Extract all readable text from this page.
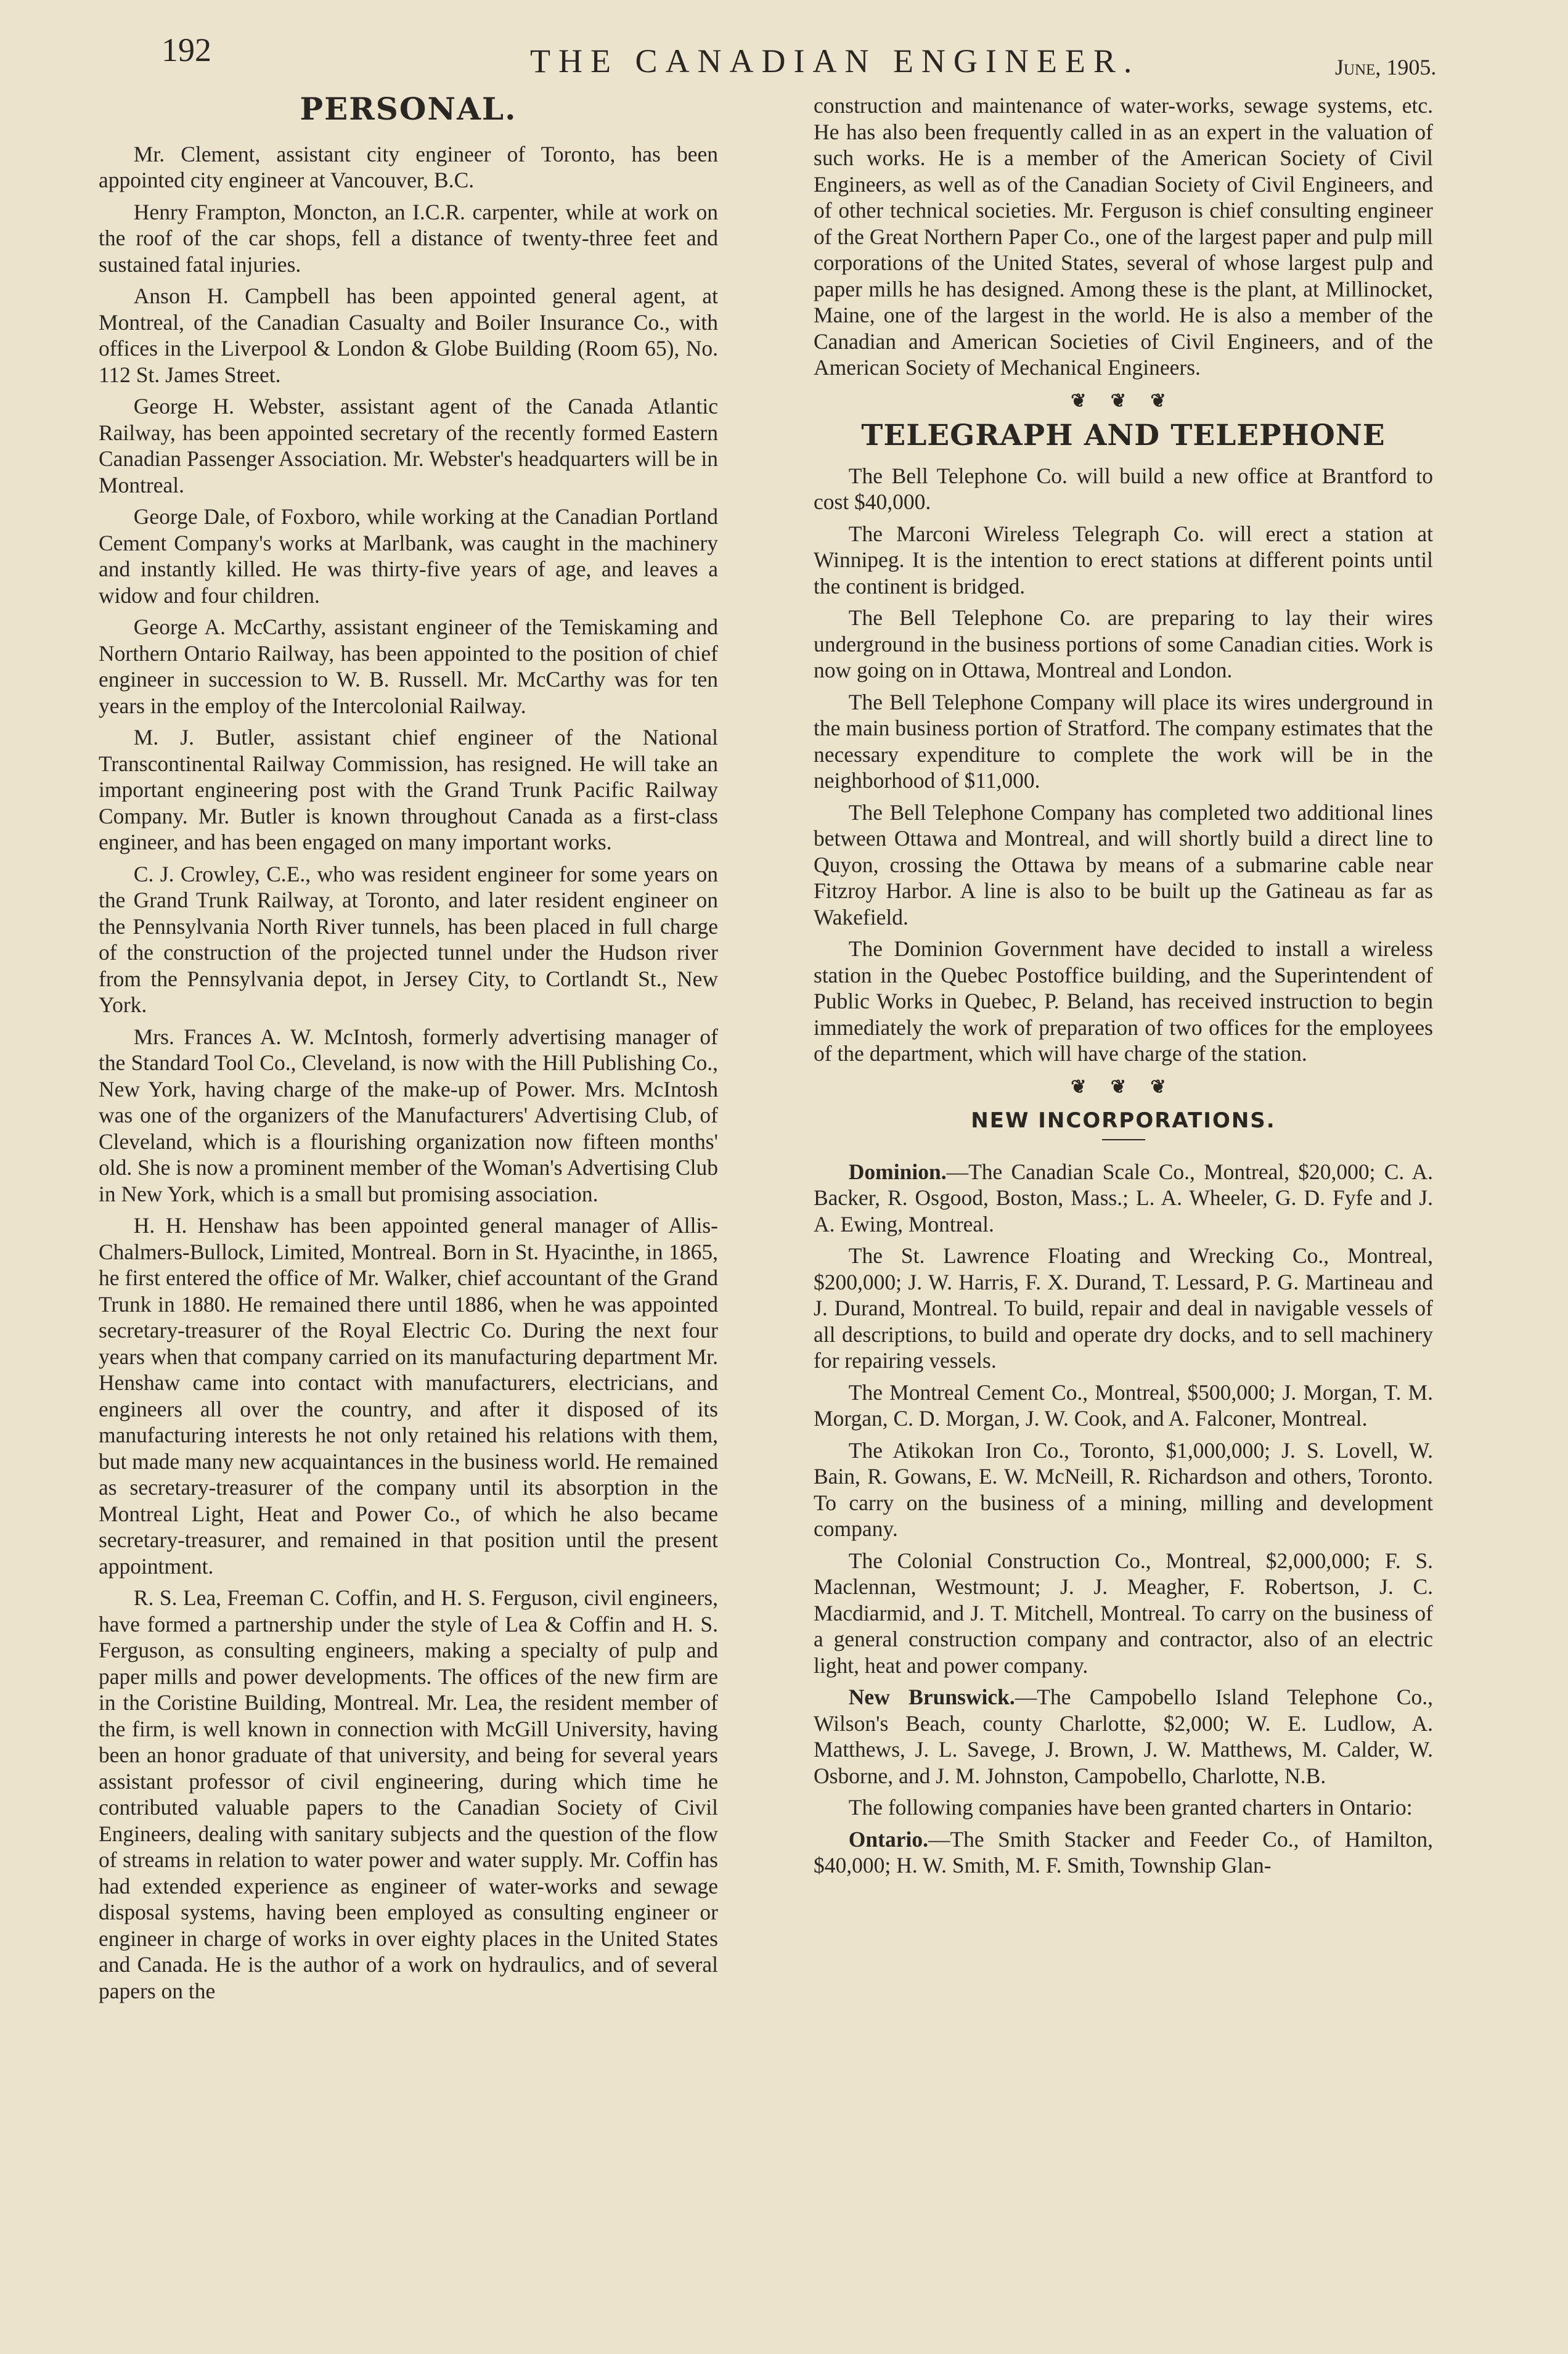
192	THE CANADIAN ENGINEER.	June, 1905.
PERSONAL.

Mr. Clement, assistant city engineer of Toronto, has been appointed city engineer at Vancouver, B.C.

Henry Frampton, Moncton, an I.C.R. carpenter, while at work on the roof of the car shops, fell a distance of twenty-three feet and sustained fatal injuries.

Anson H. Campbell has been appointed general agent, at Montreal, of the Canadian Casualty and Boiler Insurance Co., with offices in the Liverpool & London & Globe Building (Room 65), No. 112 St. James Street.

George H. Webster, assistant agent of the Canada Atlantic Railway, has been appointed secretary of the recently formed Eastern Canadian Passenger Association. Mr. Webster's headquarters will be in Montreal.

George Dale, of Foxboro, while working at the Canadian Portland Cement Company's works at Marlbank, was caught in the machinery and instantly killed. He was thirty-five years of age, and leaves a widow and four children.

George A. McCarthy, assistant engineer of the Temiskaming and Northern Ontario Railway, has been appointed to the position of chief engineer in succession to W. B. Russell. Mr. McCarthy was for ten years in the employ of the Intercolonial Railway.

M. J. Butler, assistant chief engineer of the National Transcontinental Railway Commission, has resigned. He will take an important engineering post with the Grand Trunk Pacific Railway Company. Mr. Butler is known throughout Canada as a first-class engineer, and has been engaged on many important works.

C. J. Crowley, C.E., who was resident engineer for some years on the Grand Trunk Railway, at Toronto, and later resident engineer on the Pennsylvania North River tunnels, has been placed in full charge of the construction of the projected tunnel under the Hudson river from the Pennsylvania depot, in Jersey City, to Cortlandt St., New York.

Mrs. Frances A. W. McIntosh, formerly advertising manager of the Standard Tool Co., Cleveland, is now with the Hill Publishing Co., New York, having charge of the make-up of Power. Mrs. McIntosh was one of the organizers of the Manufacturers' Advertising Club, of Cleveland, which is a flourishing organization now fifteen months' old. She is now a prominent member of the Woman's Advertising Club in New York, which is a small but promising association.

H. H. Henshaw has been appointed general manager of Allis-Chalmers-Bullock, Limited, Montreal. Born in St. Hyacinthe, in 1865, he first entered the office of Mr. Walker, chief accountant of the Grand Trunk in 1880. He remained there until 1886, when he was appointed secretary-treasurer of the Royal Electric Co. During the next four years when that company carried on its manufacturing department Mr. Henshaw came into contact with manufacturers, electricians, and engineers all over the country, and after it disposed of its manufacturing interests he not only retained his relations with them, but made many new acquaintances in the business world. He remained as secretary-treasurer of the company until its absorption in the Montreal Light, Heat and Power Co., of which he also became secretary-treasurer, and remained in that position until the present appointment.

R. S. Lea, Freeman C. Coffin, and H. S. Ferguson, civil engineers, have formed a partnership under the style of Lea & Coffin and H. S. Ferguson, as consulting engineers, making a specialty of pulp and paper mills and power developments. The offices of the new firm are in the Coristine Building, Montreal. Mr. Lea, the resident member of the firm, is well known in connection with McGill University, having been an honor graduate of that university, and being for several years assistant professor of civil engineering, during which time he contributed valuable papers to the Canadian Society of Civil Engineers, dealing with sanitary subjects and the question of the flow of streams in relation to water power and water supply. Mr. Coffin has had extended experience as engineer of water-works and sewage disposal systems, having been employed as consulting engineer or engineer in charge of works in over eighty places in the United States and Canada. He is the author of a work on hydraulics, and of several papers on the

construction and maintenance of water-works, sewage systems, etc. He has also been frequently called in as an expert in the valuation of such works. He is a member of the American Society of Civil Engineers, as well as of the Canadian Society of Civil Engineers, and of other technical societies. Mr. Ferguson is chief consulting engineer of the Great Northern Paper Co., one of the largest paper and pulp mill corporations of the United States, several of whose largest pulp and paper mills he has designed. Among these is the plant, at Millinocket, Maine, one of the largest in the world. He is also a member of the Canadian and American Societies of Civil Engineers, and of the American Society of Mechanical Engineers.

❦ ❦ ❦
TELEGRAPH AND TELEPHONE

The Bell Telephone Co. will build a new office at Brantford to cost $40,000.

The Marconi Wireless Telegraph Co. will erect a station at Winnipeg. It is the intention to erect stations at different points until the continent is bridged.

The Bell Telephone Co. are preparing to lay their wires underground in the business portions of some Canadian cities. Work is now going on in Ottawa, Montreal and London.

The Bell Telephone Company will place its wires underground in the main business portion of Stratford. The company estimates that the necessary expenditure to complete the work will be in the neighborhood of $11,000.

The Bell Telephone Company has completed two additional lines between Ottawa and Montreal, and will shortly build a direct line to Quyon, crossing the Ottawa by means of a submarine cable near Fitzroy Harbor. A line is also to be built up the Gatineau as far as Wakefield.

The Dominion Government have decided to install a wireless station in the Quebec Postoffice building, and the Superintendent of Public Works in Quebec, P. Beland, has received instruction to begin immediately the work of preparation of two offices for the employees of the department, which will have charge of the station.

❦ ❦ ❦
NEW INCORPORATIONS.

Dominion.—The Canadian Scale Co., Montreal, $20,000; C. A. Backer, R. Osgood, Boston, Mass.; L. A. Wheeler, G. D. Fyfe and J. A. Ewing, Montreal.

The St. Lawrence Floating and Wrecking Co., Montreal, $200,000; J. W. Harris, F. X. Durand, T. Lessard, P. G. Martineau and J. Durand, Montreal. To build, repair and deal in navigable vessels of all descriptions, to build and operate dry docks, and to sell machinery for repairing vessels.

The Montreal Cement Co., Montreal, $500,000; J. Morgan, T. M. Morgan, C. D. Morgan, J. W. Cook, and A. Falconer, Montreal.

The Atikokan Iron Co., Toronto, $1,000,000; J. S. Lovell, W. Bain, R. Gowans, E. W. McNeill, R. Richardson and others, Toronto. To carry on the business of a mining, milling and development company.

The Colonial Construction Co., Montreal, $2,000,000; F. S. Maclennan, Westmount; J. J. Meagher, F. Robertson, J. C. Macdiarmid, and J. T. Mitchell, Montreal. To carry on the business of a general construction company and contractor, also of an electric light, heat and power company.

New Brunswick.—The Campobello Island Telephone Co., Wilson's Beach, county Charlotte, $2,000; W. E. Ludlow, A. Matthews, J. L. Savege, J. Brown, J. W. Matthews, M. Calder, W. Osborne, and J. M. Johnston, Campobello, Charlotte, N.B.

The following companies have been granted charters in Ontario:

Ontario.—The Smith Stacker and Feeder Co., of Hamilton, $40,000; H. W. Smith, M. F. Smith, Township Glan-
